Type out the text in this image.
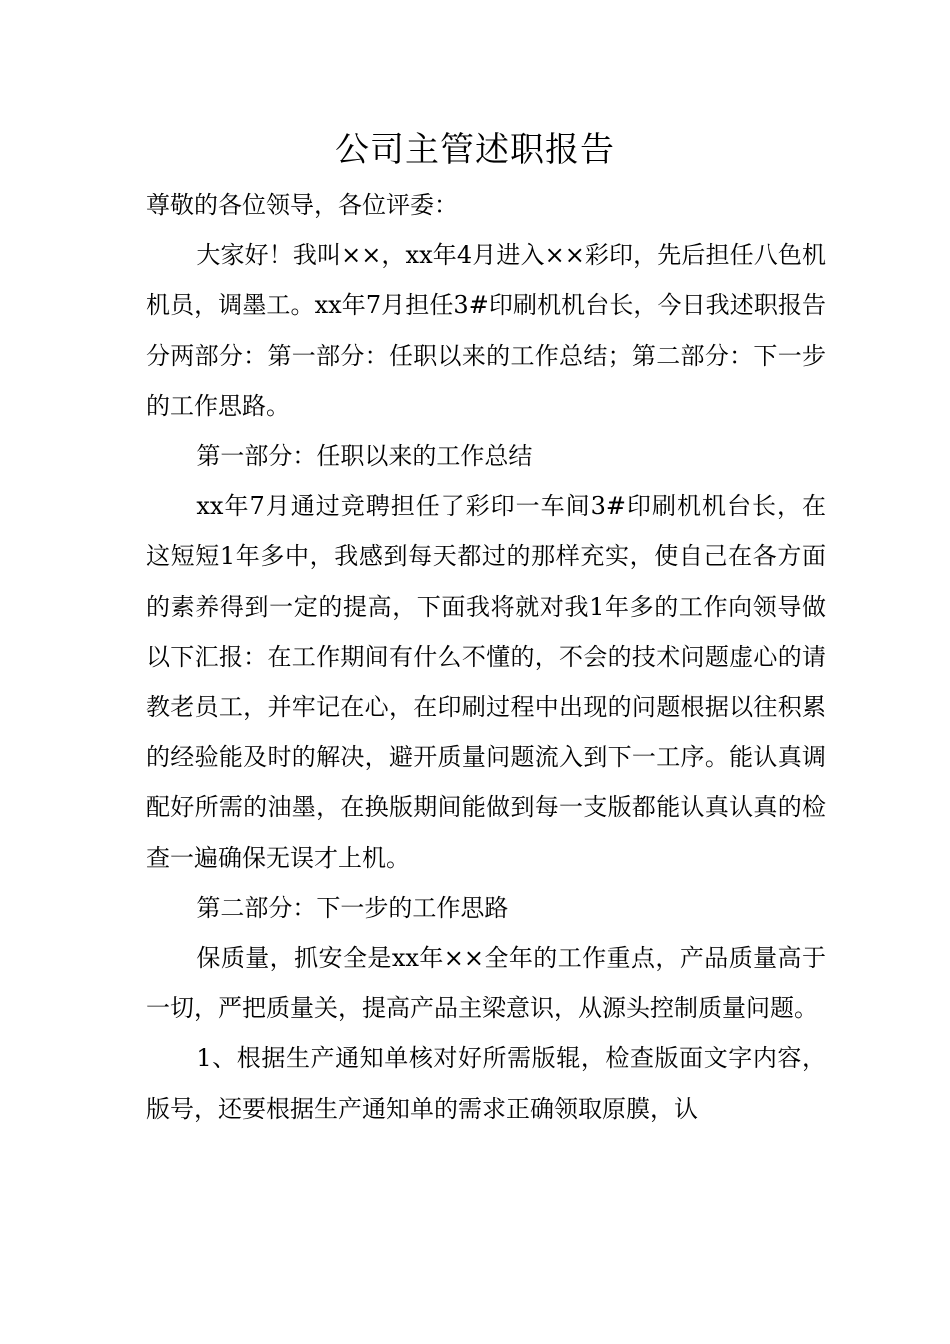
公司主管述职报告

尊敬的各位领导，各位评委：

大家好！我叫××，xx年4月进入××彩印，先后担任八色机机员，调墨工。xx年7月担任3#印刷机机台长，今日我述职报告分两部分：第一部分：任职以来的工作总结；第二部分：下一步的工作思路。

第一部分：任职以来的工作总结

xx年7月通过竞聘担任了彩印一车间3#印刷机机台长，在这短短1年多中，我感到每天都过的那样充实，使自己在各方面的素养得到一定的提高，下面我将就对我1年多的工作向领导做以下汇报：在工作期间有什么不懂的，不会的技术问题虚心的请教老员工，并牢记在心，在印刷过程中出现的问题根据以往积累的经验能及时的解决，避开质量问题流入到下一工序。能认真调配好所需的油墨，在换版期间能做到每一支版都能认真认真的检查一遍确保无误才上机。

第二部分：下一步的工作思路

保质量，抓安全是xx年××全年的工作重点，产品质量高于一切，严把质量关，提高产品主梁意识，从源头控制质量问题。

1、根据生产通知单核对好所需版辊，检查版面文字内容，版号，还要根据生产通知单的需求正确领取原膜，认
